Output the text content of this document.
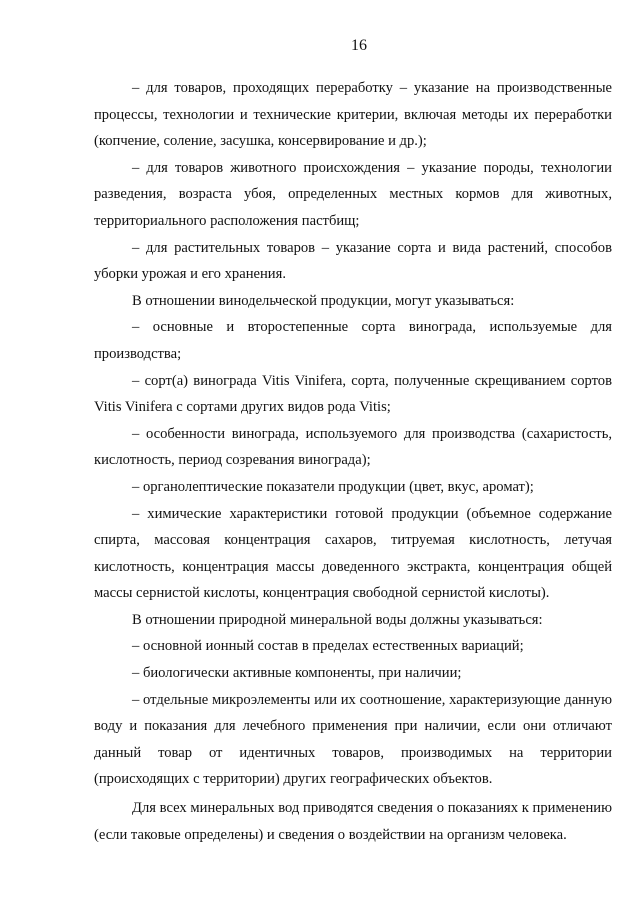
16

– для товаров, проходящих переработку – указание на производственные процессы, технологии и технические критерии, включая методы их переработки (копчение, соление, засушка, консервирование и др.);

– для товаров животного происхождения – указание породы, технологии разведения, возраста убоя, определенных местных кормов для животных, территориального расположения пастбищ;

– для растительных товаров – указание сорта и вида растений, способов уборки урожая и его хранения.

В отношении винодельческой продукции, могут указываться:

– основные и второстепенные сорта винограда, используемые для производства;

– сорт(а) винограда Vitis Vinifera, сорта, полученные скрещиванием сортов Vitis Vinifera с сортами других видов рода Vitis;

– особенности винограда, используемого для производства (сахаристость, кислотность, период созревания винограда);

– органолептические показатели продукции (цвет, вкус, аромат);

– химические характеристики готовой продукции (объемное содержание спирта, массовая концентрация сахаров, титруемая кислотность, летучая кислотность, концентрация массы доведенного экстракта, концентрация общей массы сернистой кислоты, концентрация свободной сернистой кислоты).

В отношении природной минеральной воды должны указываться:

– основной ионный состав в пределах естественных вариаций;

– биологически активные компоненты, при наличии;

– отдельные микроэлементы или их соотношение, характеризующие данную воду и показания для лечебного применения при наличии, если они отличают данный товар от идентичных товаров, производимых на территории (происходящих с территории) других географических объектов.

Для всех минеральных вод приводятся сведения о показаниях к применению (если таковые определены) и сведения о воздействии на организм человека.
